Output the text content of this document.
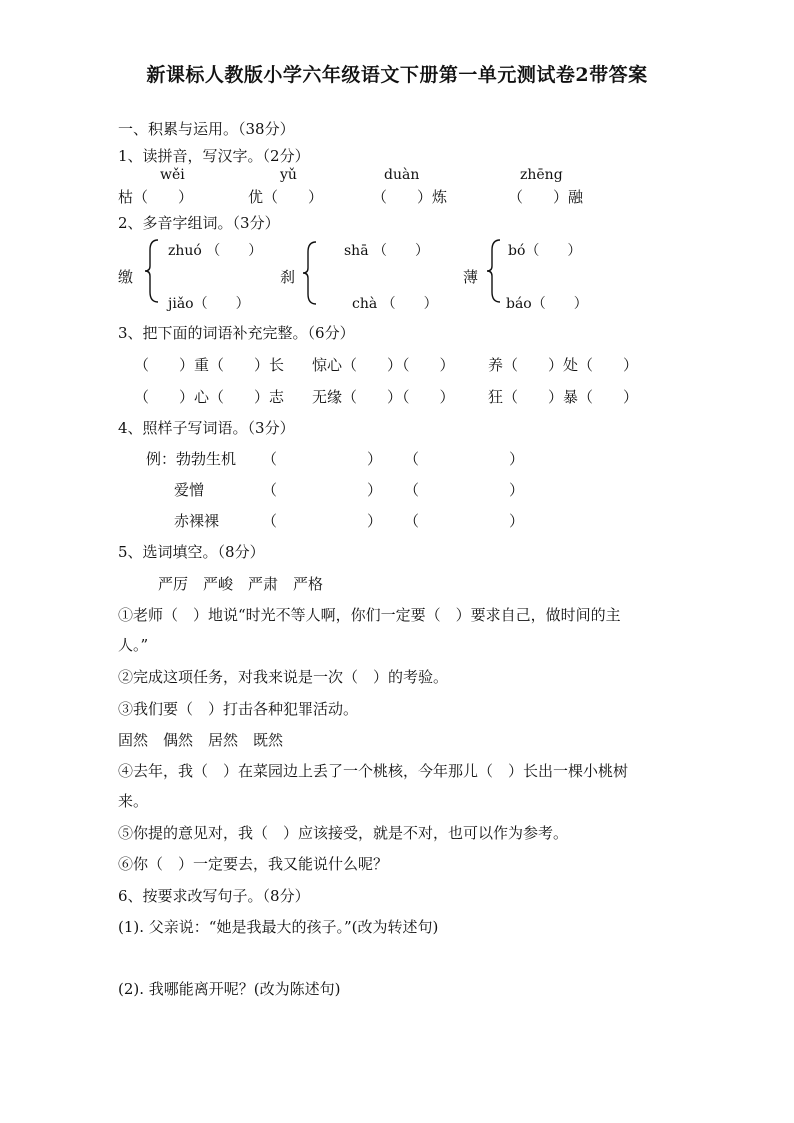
新课标人教版小学六年级语文下册第一单元测试卷2带答案
一、积累与运用。（38分）
1、读拼音，写汉字。（2分）
wěi	yǔ	duàn	zhēng
枯（　　）	优（　　）	（　　）炼	（　　）融
2、多音字组词。（3分）
缴
zhuó （　　）
jiǎo（　　）
刹
shā （　　）
chà （　　）
薄
bó（　　）
báo（　　）
3、把下面的词语补充完整。（6分）
（　　）重（　　）长 惊心（　　）（　　） 养（　　）处（　　）
（　　）心（　　）志 无缘（　　）（　　） 狂（　　）暴（　　）
4、照样子写词语。（3分）
例：勃勃生机 （　　　　　　） （　　　　　　）
爱憎	（　　　　　　） （　　　　　　）
赤裸裸	（　　　　　　） （　　　　　　）
5、选词填空。（8分）
严厉　严峻　严肃　严格
①老师（　）地说“时光不等人啊，你们一定要（　）要求自己，做时间的主
人。”
②完成这项任务，对我来说是一次（　）的考验。
③我们要（　）打击各种犯罪活动。
固然　偶然　居然　既然
④去年，我（　）在菜园边上丢了一个桃核，今年那儿（　）长出一棵小桃树
来。
⑤你提的意见对，我（　）应该接受，就是不对，也可以作为参考。
⑥你（　）一定要去，我又能说什么呢？
6、按要求改写句子。（8分）
(1). 父亲说：“她是我最大的孩子。”(改为转述句)
(2). 我哪能离开呢？(改为陈述句)
